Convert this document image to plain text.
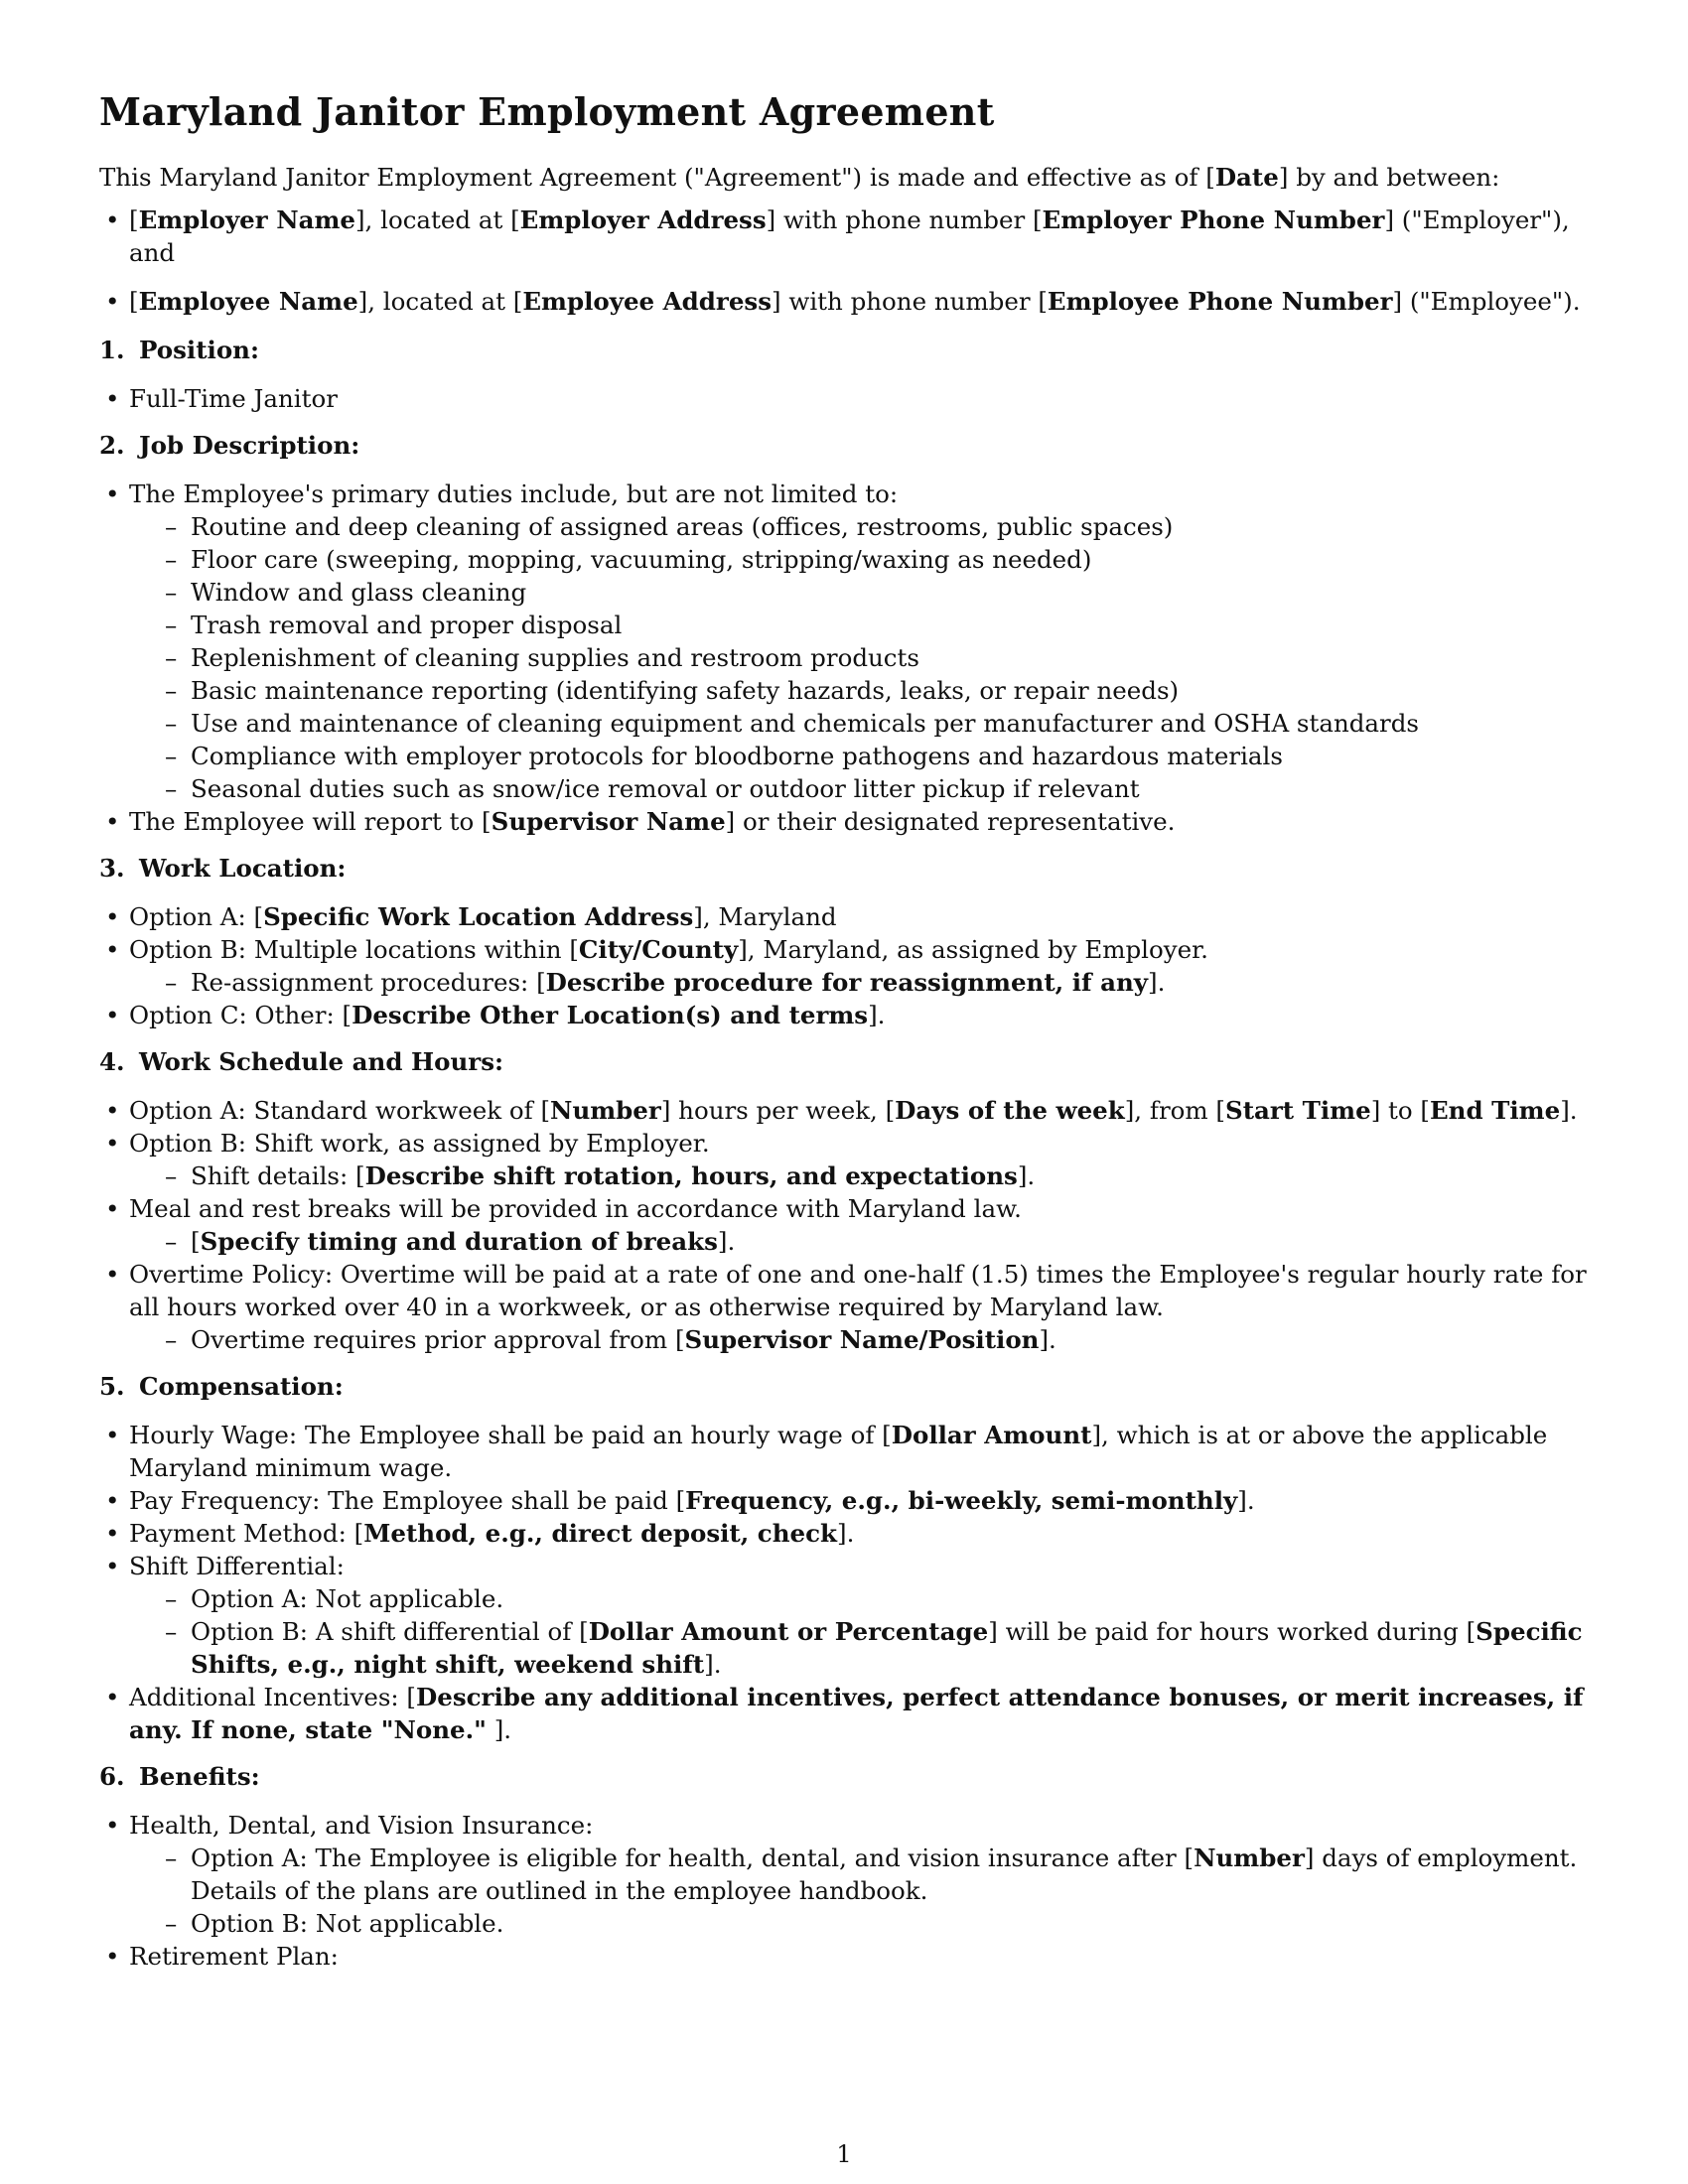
Maryland Janitor Employment Agreement

This Maryland Janitor Employment Agreement ("Agreement") is made and effective as of [Date] by and between:

• [Employer Name], located at [Employer Address] with phone number [Employer Phone Number] ("Employer"), and
• [Employee Name], located at [Employee Address] with phone number [Employee Phone Number] ("Employee").
1. Position:
• Full-Time Janitor
2. Job Description:
• The Employee's primary duties include, but are not limited to:
– Routine and deep cleaning of assigned areas (offices, restrooms, public spaces)
– Floor care (sweeping, mopping, vacuuming, stripping/waxing as needed)
– Window and glass cleaning
– Trash removal and proper disposal
– Replenishment of cleaning supplies and restroom products
– Basic maintenance reporting (identifying safety hazards, leaks, or repair needs)
– Use and maintenance of cleaning equipment and chemicals per manufacturer and OSHA standards
– Compliance with employer protocols for bloodborne pathogens and hazardous materials
– Seasonal duties such as snow/ice removal or outdoor litter pickup if relevant
• The Employee will report to [Supervisor Name] or their designated representative.
3. Work Location:
• Option A: [Specific Work Location Address], Maryland
• Option B: Multiple locations within [City/County], Maryland, as assigned by Employer.
– Re-assignment procedures: [Describe procedure for reassignment, if any].
• Option C: Other: [Describe Other Location(s) and terms].
4. Work Schedule and Hours:
• Option A: Standard workweek of [Number] hours per week, [Days of the week], from [Start Time] to [End Time].
• Option B: Shift work, as assigned by Employer.
– Shift details: [Describe shift rotation, hours, and expectations].
• Meal and rest breaks will be provided in accordance with Maryland law.
– [Specify timing and duration of breaks].
• Overtime Policy: Overtime will be paid at a rate of one and one-half (1.5) times the Employee's regular hourly rate for all hours worked over 40 in a workweek, or as otherwise required by Maryland law.
– Overtime requires prior approval from [Supervisor Name/Position].
5. Compensation:
• Hourly Wage: The Employee shall be paid an hourly wage of [Dollar Amount], which is at or above the applicable Maryland minimum wage.
• Pay Frequency: The Employee shall be paid [Frequency, e.g., bi-weekly, semi-monthly].
• Payment Method: [Method, e.g., direct deposit, check].
• Shift Differential:
– Option A: Not applicable.
– Option B: A shift differential of [Dollar Amount or Percentage] will be paid for hours worked during [Specific Shifts, e.g., night shift, weekend shift].
• Additional Incentives: [Describe any additional incentives, perfect attendance bonuses, or merit increases, if any. If none, state "None." ].
6. Benefits:
• Health, Dental, and Vision Insurance:
– Option A: The Employee is eligible for health, dental, and vision insurance after [Number] days of employment. Details of the plans are outlined in the employee handbook.
– Option B: Not applicable.
• Retirement Plan:
1
